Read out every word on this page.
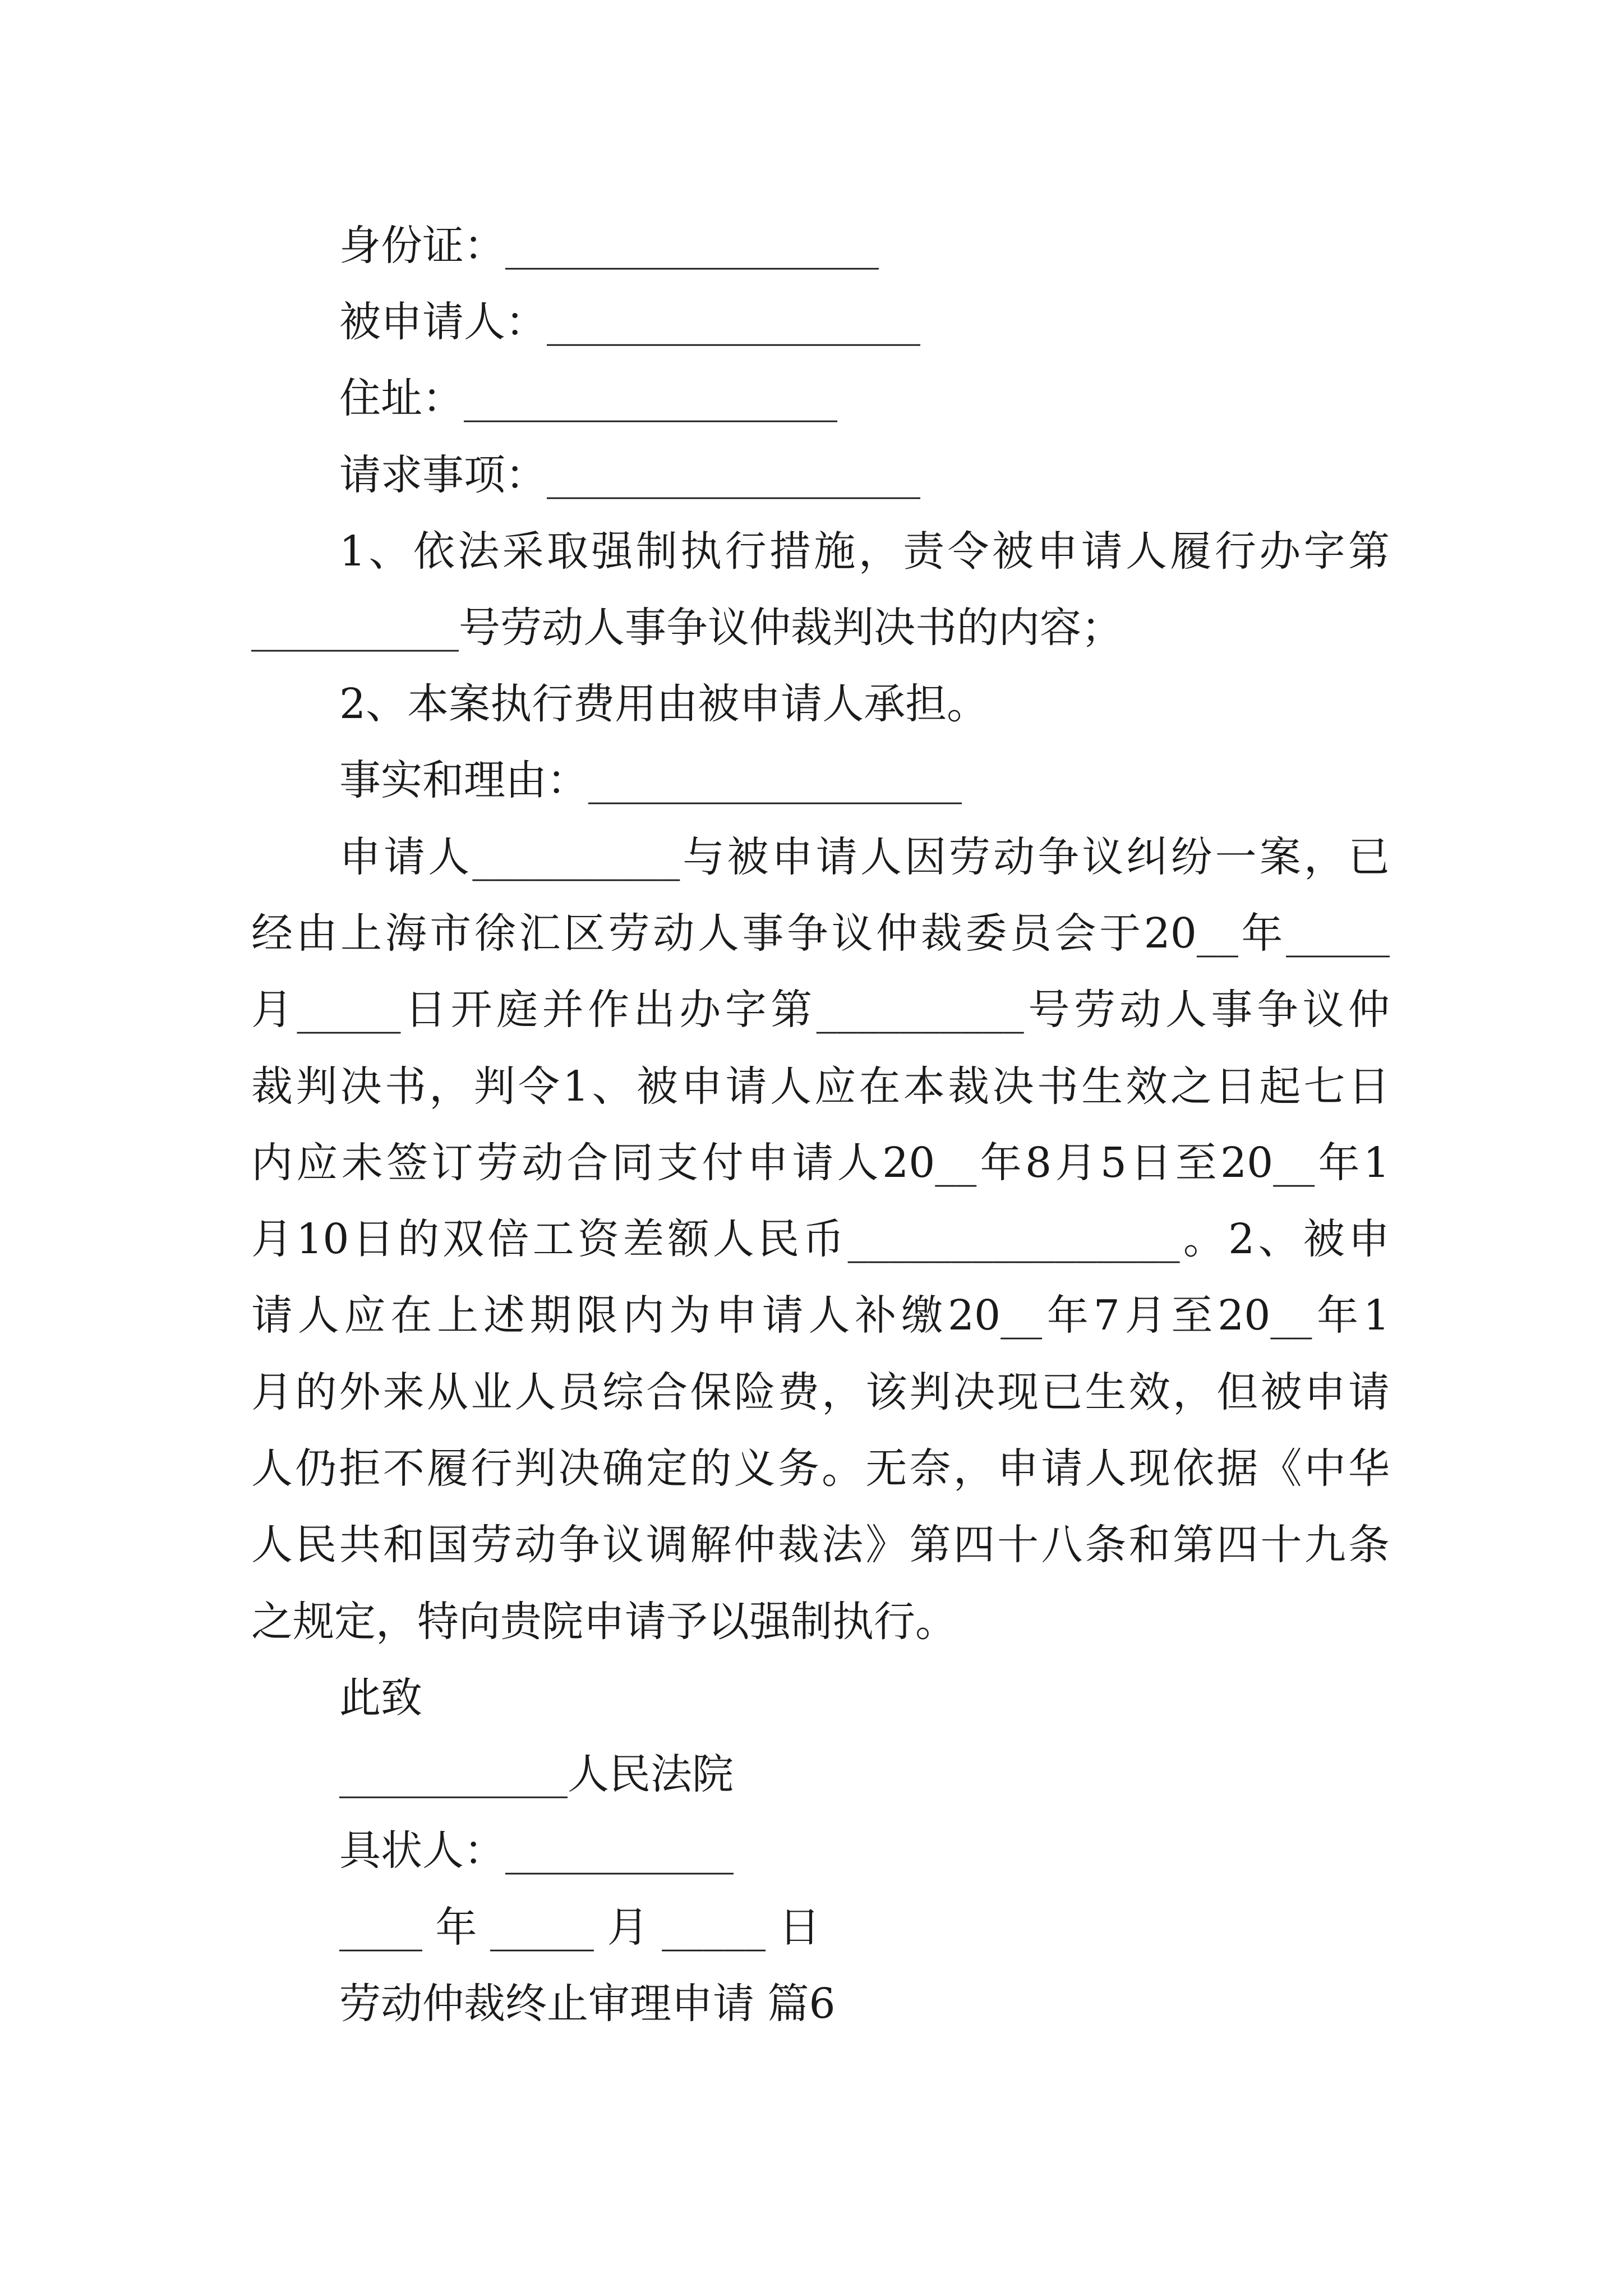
身份证：__________________
被申请人：__________________
住址：__________________
请求事项：__________________
1、依法采取强制执行措施，责令被申请人履行办字第
__________号劳动人事争议仲裁判决书的内容；
2、本案执行费用由被申请人承担。
事实和理由：__________________
申请人__________与被申请人因劳动争议纠纷一案，已
经由上海市徐汇区劳动人事争议仲裁委员会于20__年_____
月_____日开庭并作出办字第__________号劳动人事争议仲
裁判决书，判令1、被申请人应在本裁决书生效之日起七日
内应未签订劳动合同支付申请人20__年8月5日至20__年1
月10日的双倍工资差额人民币________________。2、被申
请人应在上述期限内为申请人补缴20__年7月至20__年1
月的外来从业人员综合保险费，该判决现已生效，但被申请
人仍拒不履行判决确定的义务。无奈，申请人现依据《中华
人民共和国劳动争议调解仲裁法》第四十八条和第四十九条
之规定，特向贵院申请予以强制执行。
此致
___________人民法院
具状人：___________
____ 年 _____ 月 _____ 日
劳动仲裁终止审理申请 篇6
